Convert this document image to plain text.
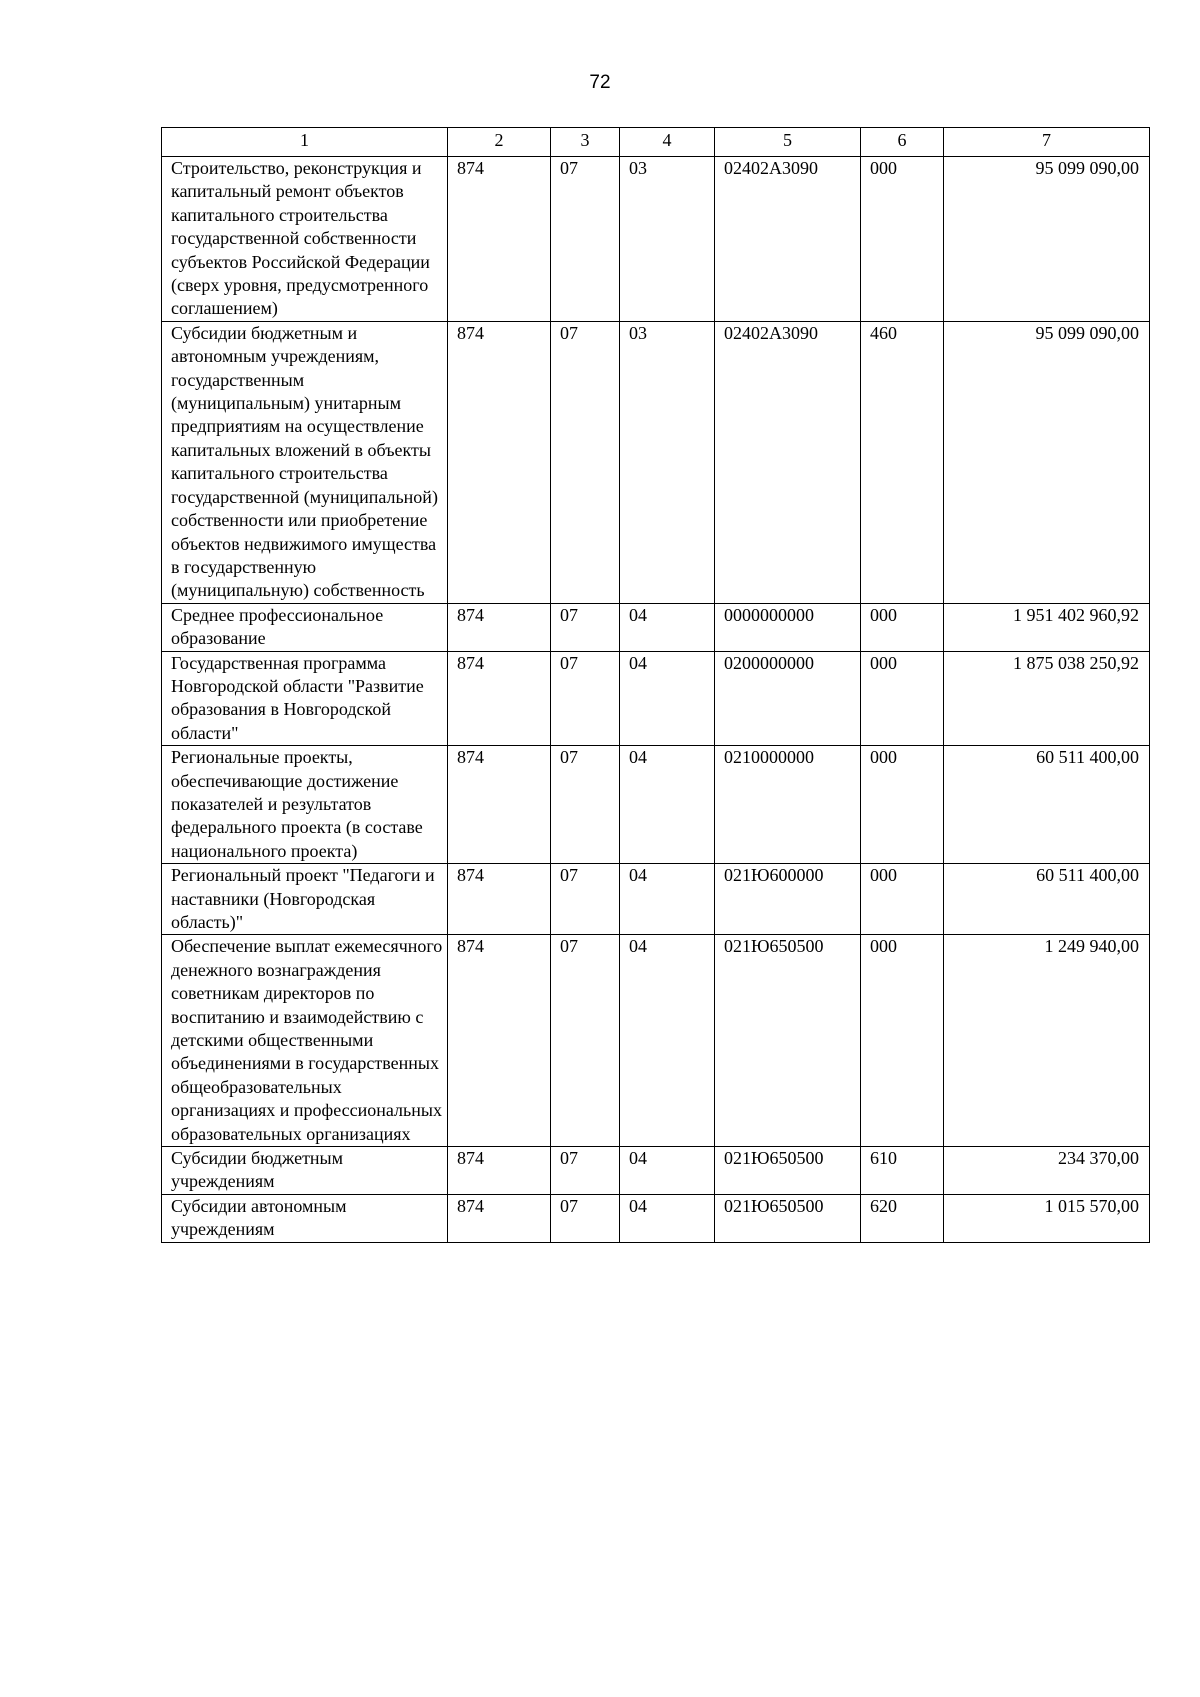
72
1	2	3	4	5	6	7
Строительство, реконструкция и капитальный ремонт объектов капитального строительства государственной собственности субъектов Российской Федерации (сверх уровня, предусмотренного соглашением)	874	07	03	02402A3090	000	95 099 090,00
Субсидии бюджетным и автономным учреждениям, государственным (муниципальным) унитарным предприятиям на осуществление капитальных вложений в объекты капитального строительства государственной (муниципальной) собственности или приобретение объектов недвижимого имущества в государственную (муниципальную) собственность	874	07	03	02402A3090	460	95 099 090,00
Среднее профессиональное образование	874	07	04	0000000000	000	1 951 402 960,92
Государственная программа Новгородской области "Развитие образования в Новгородской области"	874	07	04	0200000000	000	1 875 038 250,92
Региональные проекты, обеспечивающие достижение показателей и результатов федерального проекта (в составе национального проекта)	874	07	04	0210000000	000	60 511 400,00
Региональный проект "Педагоги и наставники (Новгородская область)"	874	07	04	021Ю600000	000	60 511 400,00
Обеспечение выплат ежемесячного денежного вознаграждения советникам директоров по воспитанию и взаимодействию с детскими общественными объединениями в государственных общеобразовательных организациях и профессиональных образовательных организациях	874	07	04	021Ю650500	000	1 249 940,00
Субсидии бюджетным учреждениям	874	07	04	021Ю650500	610	234 370,00
Субсидии автономным учреждениям	874	07	04	021Ю650500	620	1 015 570,00
